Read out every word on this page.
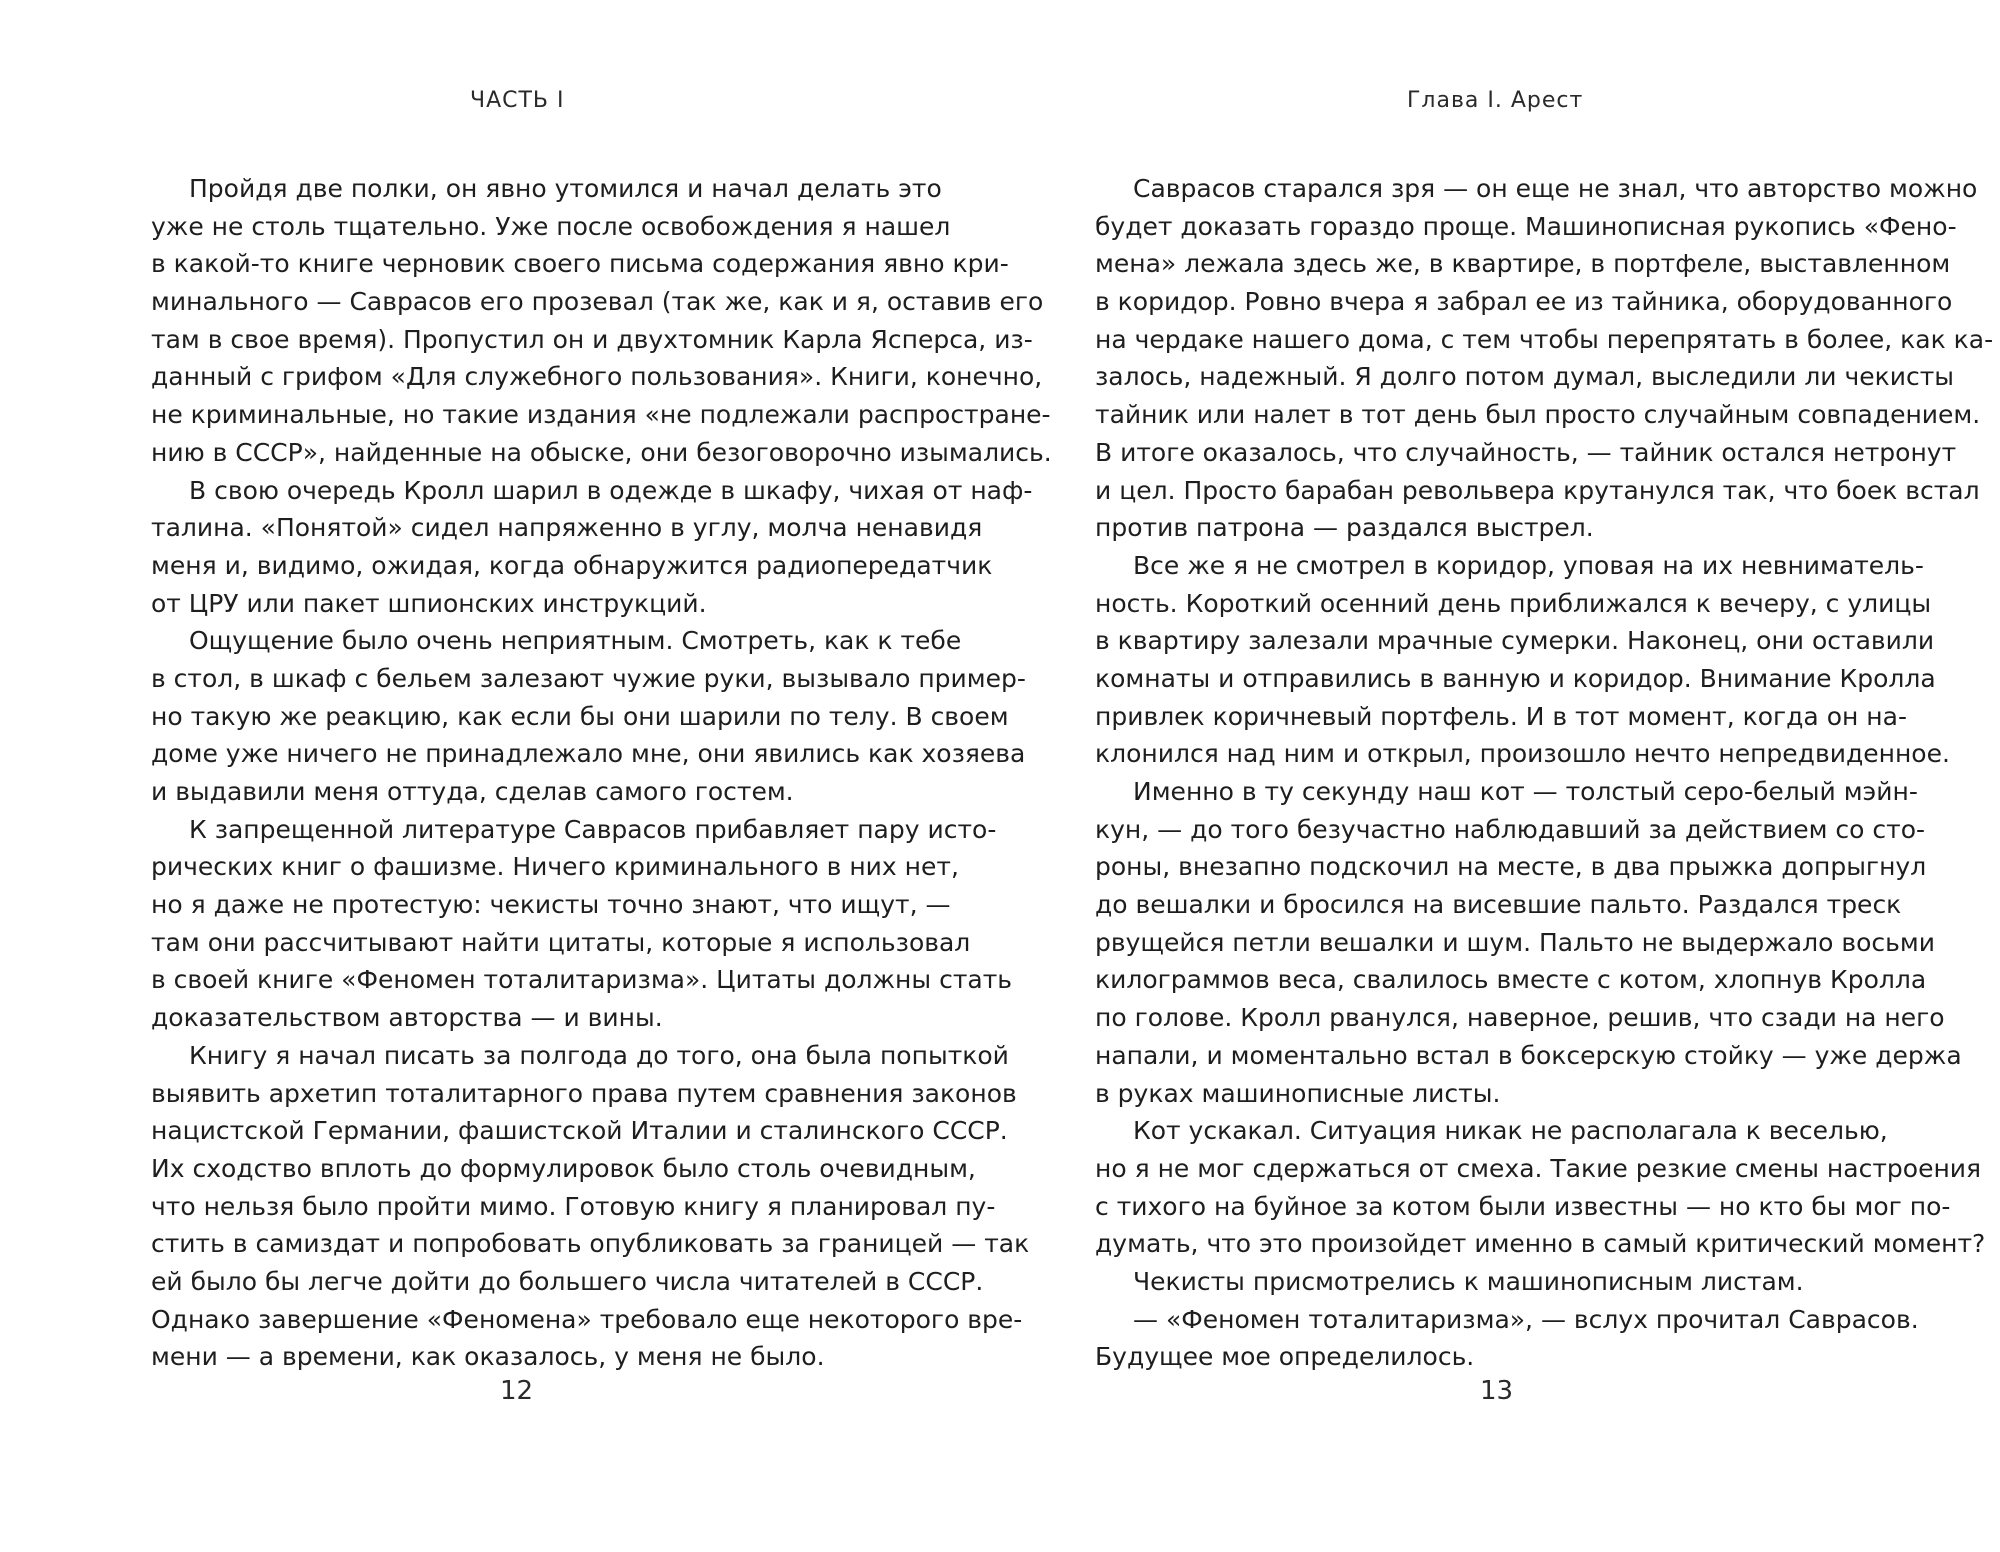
ЧАСТЬ I
Пройдя две полки, он явно утомился и начал делать это
уже не столь тщательно. Уже после освобождения я нашел
в какой-то книге черновик своего письма содержания явно кри-
минального — Саврасов его прозевал (так же, как и я, оставив его
там в свое время). Пропустил он и двухтомник Карла Ясперса, из-
данный с грифом «Для служебного пользования». Книги, конечно,
не криминальные, но такие издания «не подлежали распростране-
нию в СССР», найденные на обыске, они безоговорочно изымались.
В свою очередь Кролл шарил в одежде в шкафу, чихая от наф-
талина. «Понятой» сидел напряженно в углу, молча ненавидя
меня и, видимо, ожидая, когда обнаружится радиопередатчик
от ЦРУ или пакет шпионских инструкций.
Ощущение было очень неприятным. Смотреть, как к тебе
в стол, в шкаф с бельем залезают чужие руки, вызывало пример-
но такую же реакцию, как если бы они шарили по телу. В своем
доме уже ничего не принадлежало мне, они явились как хозяева
и выдавили меня оттуда, сделав самого гостем.
К запрещенной литературе Саврасов прибавляет пару исто-
рических книг о фашизме. Ничего криминального в них нет,
но я даже не протестую: чекисты точно знают, что ищут, —
там они рассчитывают найти цитаты, которые я использовал
в своей книге «Феномен тоталитаризма». Цитаты должны стать
доказательством авторства — и вины.
Книгу я начал писать за полгода до того, она была попыткой
выявить архетип тоталитарного права путем сравнения законов
нацистской Германии, фашистской Италии и сталинского СССР.
Их сходство вплоть до формулировок было столь очевидным,
что нельзя было пройти мимо. Готовую книгу я планировал пу-
стить в самиздат и попробовать опубликовать за границей — так
ей было бы легче дойти до большего числа читателей в СССР.
Однако завершение «Феномена» требовало еще некоторого вре-
мени — а времени, как оказалось, у меня не было.
12
Глава I. Арест
Саврасов старался зря — он еще не знал, что авторство можно
будет доказать гораздо проще. Машинописная рукопись «Фено-
мена» лежала здесь же, в квартире, в портфеле, выставленном
в коридор. Ровно вчера я забрал ее из тайника, оборудованного
на чердаке нашего дома, с тем чтобы перепрятать в более, как ка-
залось, надежный. Я долго потом думал, выследили ли чекисты
тайник или налет в тот день был просто случайным совпадением.
В итоге оказалось, что случайность, — тайник остался нетронут
и цел. Просто барабан револьвера крутанулся так, что боек встал
против патрона — раздался выстрел.
Все же я не смотрел в коридор, уповая на их невниматель-
ность. Короткий осенний день приближался к вечеру, с улицы
в квартиру залезали мрачные сумерки. Наконец, они оставили
комнаты и отправились в ванную и коридор. Внимание Кролла
привлек коричневый портфель. И в тот момент, когда он на-
клонился над ним и открыл, произошло нечто непредвиденное.
Именно в ту секунду наш кот — толстый серо-белый мэйн-
кун, — до того безучастно наблюдавший за действием со сто-
роны, внезапно подскочил на месте, в два прыжка допрыгнул
до вешалки и бросился на висевшие пальто. Раздался треск
рвущейся петли вешалки и шум. Пальто не выдержало восьми
килограммов веса, свалилось вместе с котом, хлопнув Кролла
по голове. Кролл рванулся, наверное, решив, что сзади на него
напали, и моментально встал в боксерскую стойку — уже держа
в руках машинописные листы.
Кот ускакал. Ситуация никак не располагала к веселью,
но я не мог сдержаться от смеха. Такие резкие смены настроения
с тихого на буйное за котом были известны — но кто бы мог по-
думать, что это произойдет именно в самый критический момент?
Чекисты присмотрелись к машинописным листам.
— «Феномен тоталитаризма», — вслух прочитал Саврасов.
Будущее мое определилось.
13
